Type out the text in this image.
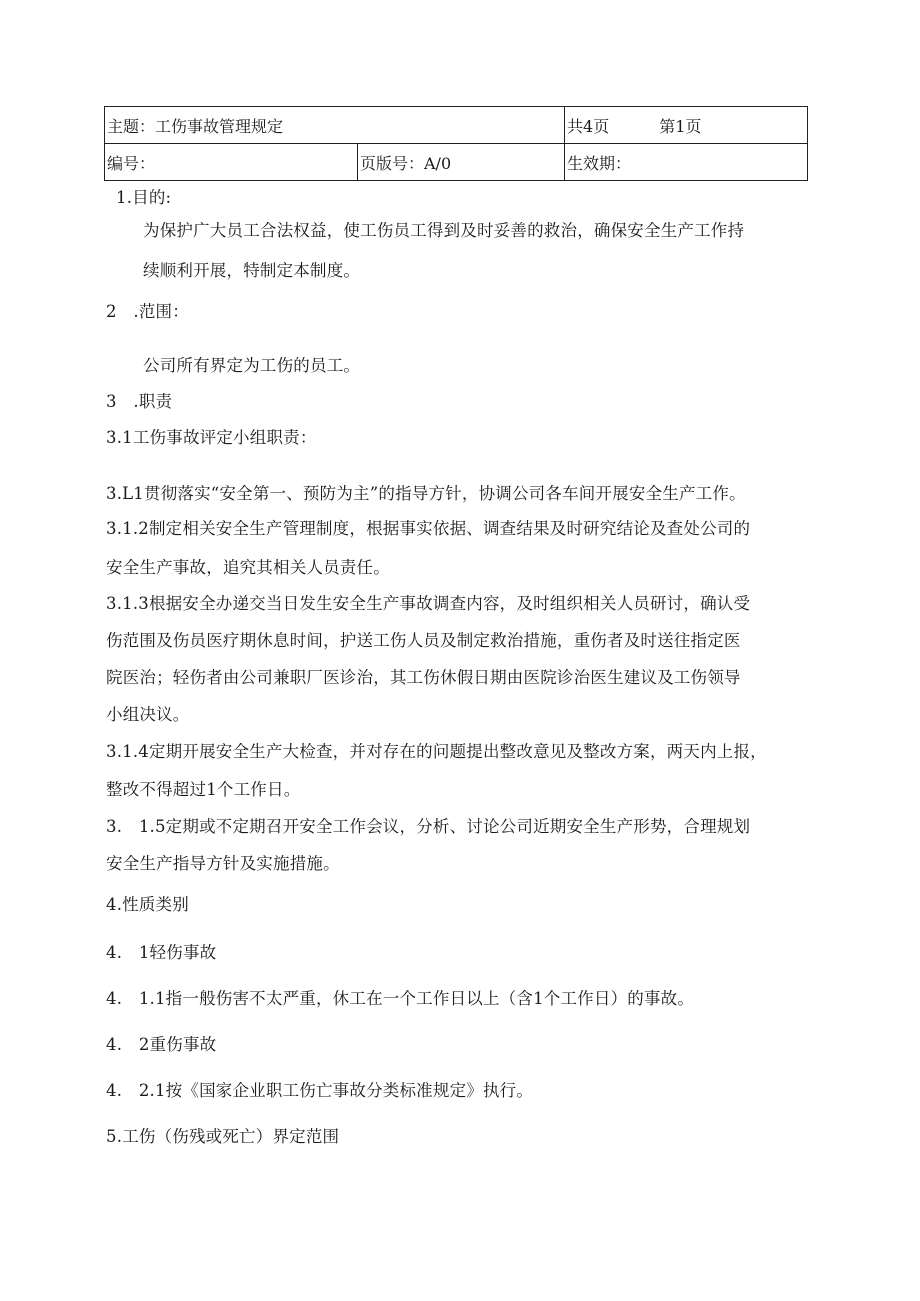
主题：工伤事故管理规定		共4页 第1页
编号：	页版号：A/0	生效期：
1.目的:
为保护广大员工合法权益，使工伤员工得到及时妥善的救治，确保安全生产工作持
续顺利开展，特制定本制度。
2　.范围：
公司所有界定为工伤的员工。
3　.职责
3.1工伤事故评定小组职责：
3.L1贯彻落实“安全第一、预防为主”的指导方针，协调公司各车间开展安全生产工作。
3.1.2制定相关安全生产管理制度，根据事实依据、调查结果及时研究结论及查处公司的
安全生产事故，追究其相关人员责任。
3.1.3根据安全办递交当日发生安全生产事故调查内容，及时组织相关人员研讨，确认受
伤范围及伤员医疗期休息时间，护送工伤人员及制定救治措施，重伤者及时送往指定医
院医治；轻伤者由公司兼职厂医诊治，其工伤休假日期由医院诊治医生建议及工伤领导
小组决议。
3.1.4定期开展安全生产大检查，并对存在的问题提出整改意见及整改方案，两天内上报，
整改不得超过1个工作日。
3.　1.5定期或不定期召开安全工作会议，分析、讨论公司近期安全生产形势，合理规划
安全生产指导方针及实施措施。
4.性质类别
4.　1轻伤事故
4.　1.1指一般伤害不太严重，休工在一个工作日以上（含1个工作日）的事故。
4.　2重伤事故
4.　2.1按《国家企业职工伤亡事故分类标准规定》执行。
5.工伤（伤残或死亡）界定范围
